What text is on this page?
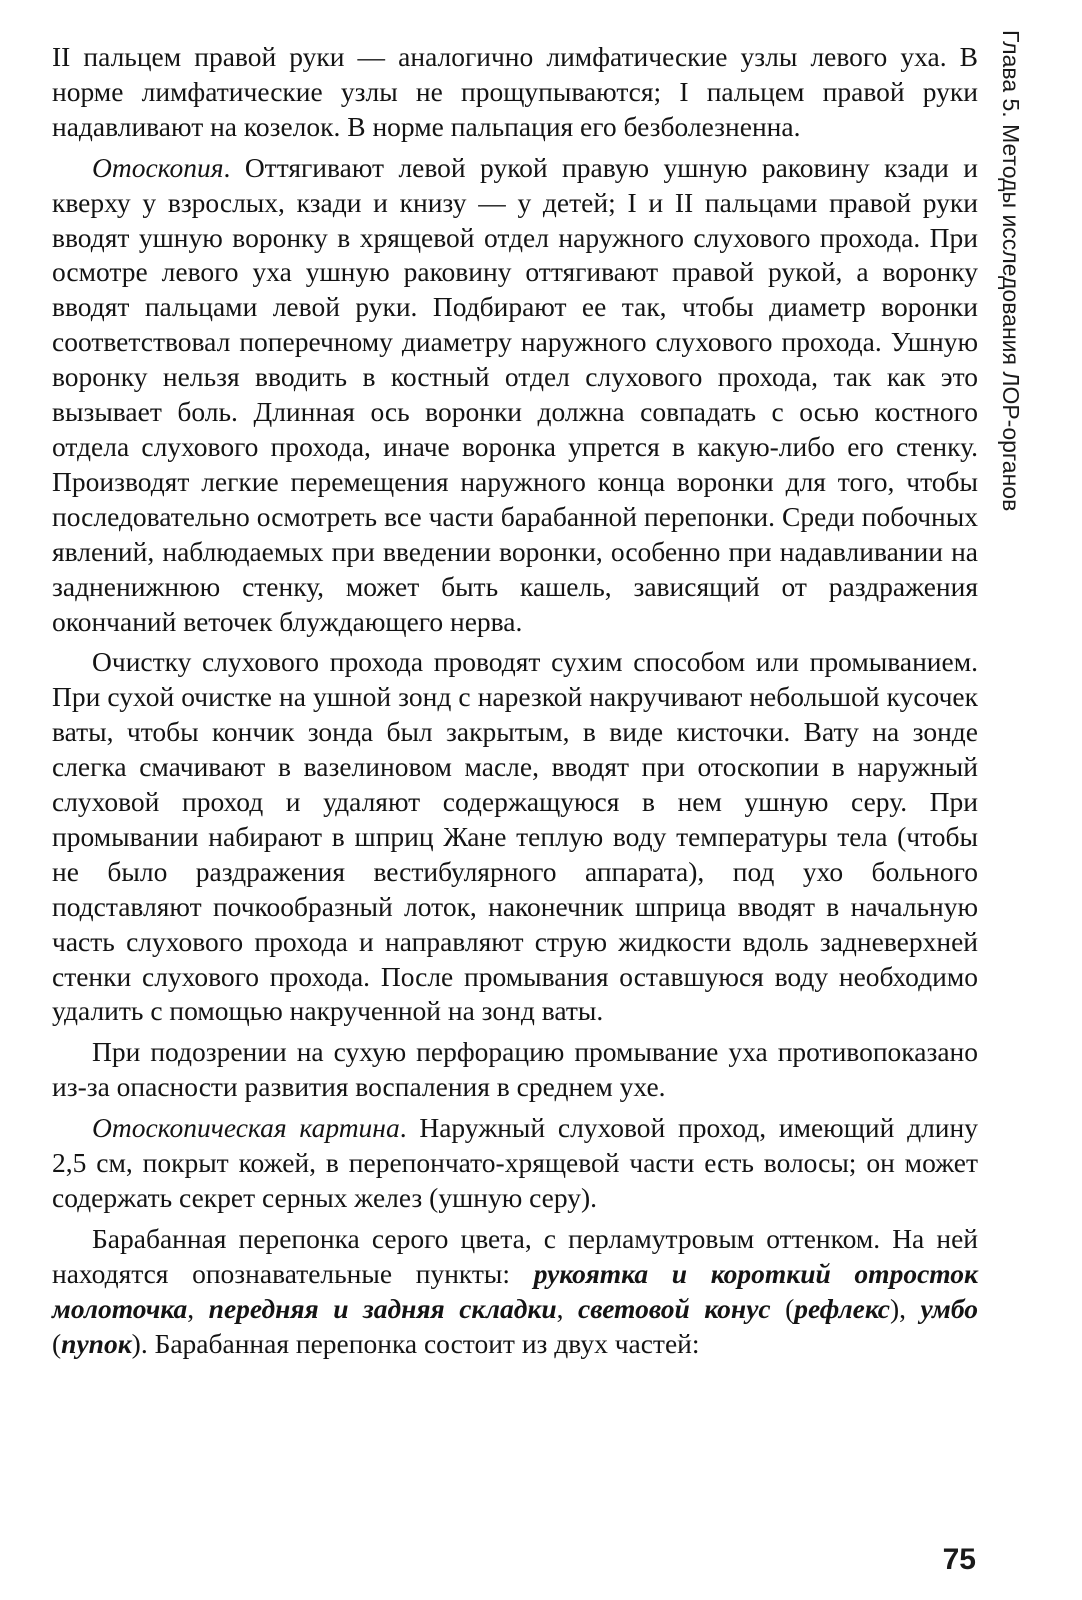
II пальцем правой руки — аналогично лимфатические узлы левого уха. В норме лимфатические узлы не прощупываются; I пальцем правой руки надавливают на козелок. В норме пальпация его безболезненна.

Отоскопия. Оттягивают левой рукой правую ушную раковину кзади и кверху у взрослых, кзади и книзу — у детей; I и II пальцами правой руки вводят ушную воронку в хрящевой отдел наружного слухового прохода. При осмотре левого уха ушную раковину оттягивают правой рукой, а воронку вводят пальцами левой руки. Подбирают ее так, чтобы диаметр воронки соответствовал поперечному диаметру наружного слухового прохода. Ушную воронку нельзя вводить в костный отдел слухового прохода, так как это вызывает боль. Длинная ось воронки должна совпадать с осью костного отдела слухового прохода, иначе воронка упрется в какую-либо его стенку. Производят легкие перемещения наружного конца воронки для того, чтобы последовательно осмотреть все части барабанной перепонки. Среди побочных явлений, наблюдаемых при введении воронки, особенно при надавливании на задненижнюю стенку, может быть кашель, зависящий от раздражения окончаний веточек блуждающего нерва.

Очистку слухового прохода проводят сухим способом или промыванием. При сухой очистке на ушной зонд с нарезкой накручивают небольшой кусочек ваты, чтобы кончик зонда был закрытым, в виде кисточки. Вату на зонде слегка смачивают в вазелиновом масле, вводят при отоскопии в наружный слуховой проход и удаляют содержащуюся в нем ушную серу. При промывании набирают в шприц Жане теплую воду температуры тела (чтобы не было раздражения вестибулярного аппарата), под ухо больного подставляют почкообразный лоток, наконечник шприца вводят в начальную часть слухового прохода и направляют струю жидкости вдоль задневерхней стенки слухового прохода. После промывания оставшуюся воду необходимо удалить с помощью накрученной на зонд ваты.

При подозрении на сухую перфорацию промывание уха противопоказано из-за опасности развития воспаления в среднем ухе.

Отоскопическая картина. Наружный слуховой проход, имеющий длину 2,5 см, покрыт кожей, в перепончато-хрящевой части есть волосы; он может содержать секрет серных желез (ушную серу).

Барабанная перепонка серого цвета, с перламутровым оттенком. На ней находятся опознавательные пункты: рукоятка и короткий отросток молоточка, передняя и задняя складки, световой конус (рефлекс), умбо (пупок). Барабанная перепонка состоит из двух частей:

Глава 5. Методы исследования ЛОР-органов
75
